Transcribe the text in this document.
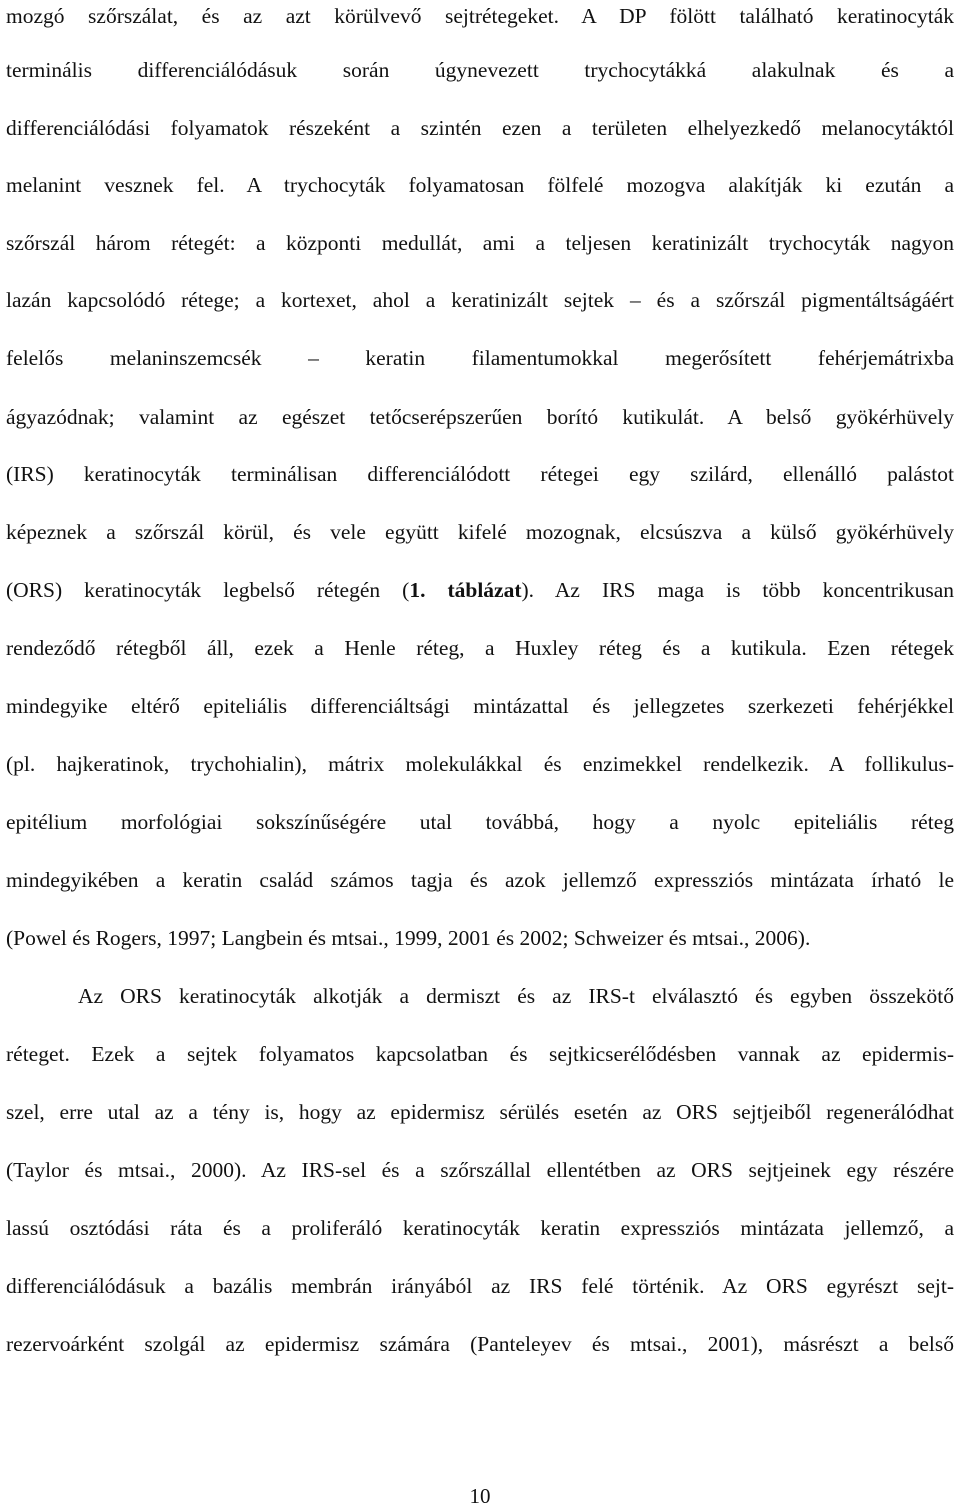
mozgó szőrszálat, és az azt körülvevő sejtrétegeket. A DP fölött található keratinocyták
terminális differenciálódásuk során úgynevezett trychocytákká alakulnak és a
differenciálódási folyamatok részeként a szintén ezen a területen elhelyezkedő melanocytáktól
melanint vesznek fel. A trychocyták folyamatosan fölfelé mozogva alakítják ki ezután a
szőrszál három rétegét: a központi medullát, ami a teljesen keratinizált trychocyták nagyon
lazán kapcsolódó rétege; a kortexet, ahol a keratinizált sejtek – és a szőrszál pigmentáltságáért
felelős melaninszemcsék – keratin filamentumokkal megerősített fehérjemátrixba
ágyazódnak; valamint az egészet tetőcserépszerűen borító kutikulát. A belső gyökérhüvely
(IRS) keratinocyták terminálisan differenciálódott rétegei egy szilárd, ellenálló palástot
képeznek a szőrszál körül, és vele együtt kifelé mozognak, elcsúszva a külső gyökérhüvely
(ORS) keratinocyták legbelső rétegén (1. táblázat). Az IRS maga is több koncentrikusan
rendeződő rétegből áll, ezek a Henle réteg, a Huxley réteg és a kutikula. Ezen rétegek
mindegyike eltérő epiteliális differenciáltsági mintázattal és jellegzetes szerkezeti fehérjékkel
(pl. hajkeratinok, trychohialin), mátrix molekulákkal és enzimekkel rendelkezik. A follikulus-
epitélium morfológiai sokszínűségére utal továbbá, hogy a nyolc epiteliális réteg
mindegyikében a keratin család számos tagja és azok jellemző expressziós mintázata írható le
(Powel és Rogers, 1997; Langbein és mtsai., 1999, 2001 és 2002; Schweizer és mtsai., 2006).
Az ORS keratinocyták alkotják a dermiszt és az IRS-t elválasztó és egyben összekötő
réteget. Ezek a sejtek folyamatos kapcsolatban és sejtkicserélődésben vannak az epidermis-
szel, erre utal az a tény is, hogy az epidermisz sérülés esetén az ORS sejtjeiből regenerálódhat
(Taylor és mtsai., 2000). Az IRS-sel és a szőrszállal ellentétben az ORS sejtjeinek egy részére
lassú osztódási ráta és a proliferáló keratinocyták keratin expressziós mintázata jellemző, a
differenciálódásuk a bazális membrán irányából az IRS felé történik. Az ORS egyrészt sejt-
rezervoárként szolgál az epidermisz számára (Panteleyev és mtsai., 2001), másrészt a belső
10
